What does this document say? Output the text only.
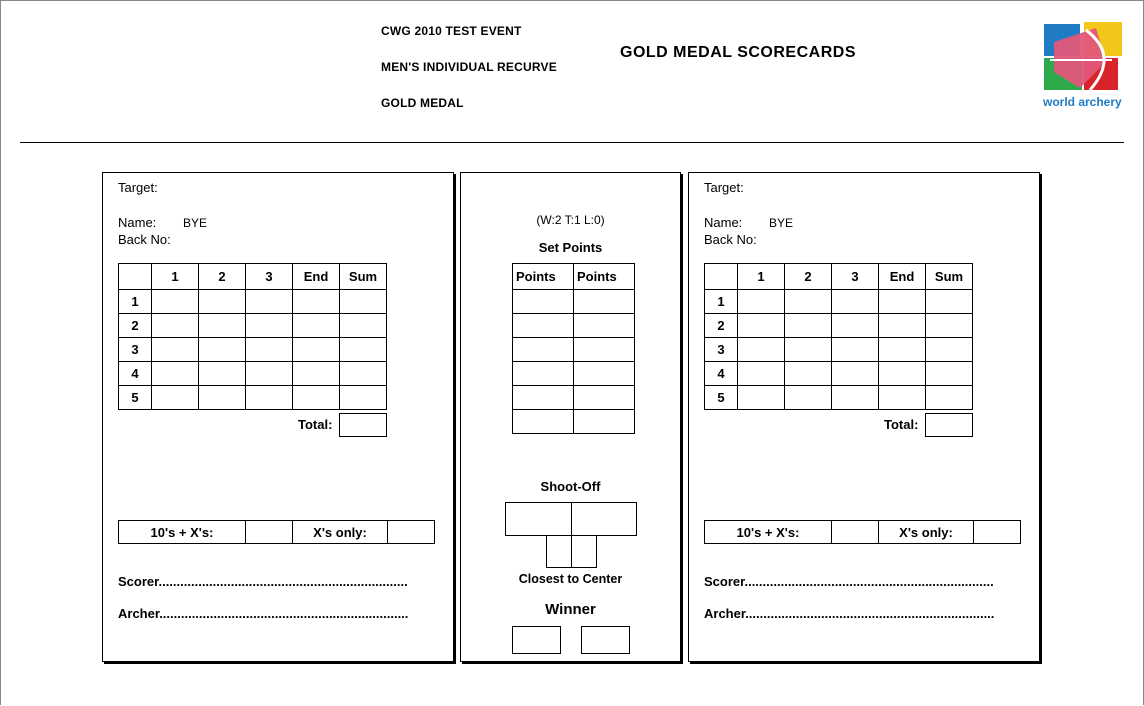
CWG 2010 TEST EVENT
MEN'S INDIVIDUAL RECURVE
GOLD MEDAL
GOLD MEDAL SCORECARDS
world archery
Target:
Name: BYE
Back No:
	1	2	3	End	Sum
1					
2					
3					
4					
5					
Total:
10's + X's:	X's only:
Scorer.....................................................................
Archer.....................................................................
(W:2 T:1 L:0)
Set Points
Points	Points

Shoot-Off
Closest to Center
Winner
Target:
Name: BYE
Back No:
	1	2	3	End	Sum
1					
2					
3					
4					
5					
Total:
10's + X's:	X's only:
Scorer.....................................................................
Archer.....................................................................
